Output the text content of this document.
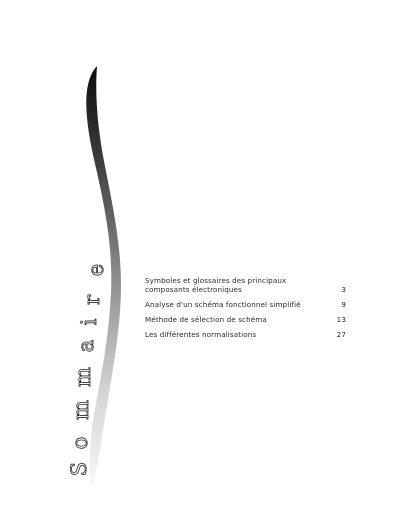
S
o
m
m
a
i
r
e
Symboles et glossaires des principaux composants électroniques	3
Analyse d'un schéma fonctionnel simplifié	9
Méthode de sélection de schéma	13
Les différentes normalisations	27
